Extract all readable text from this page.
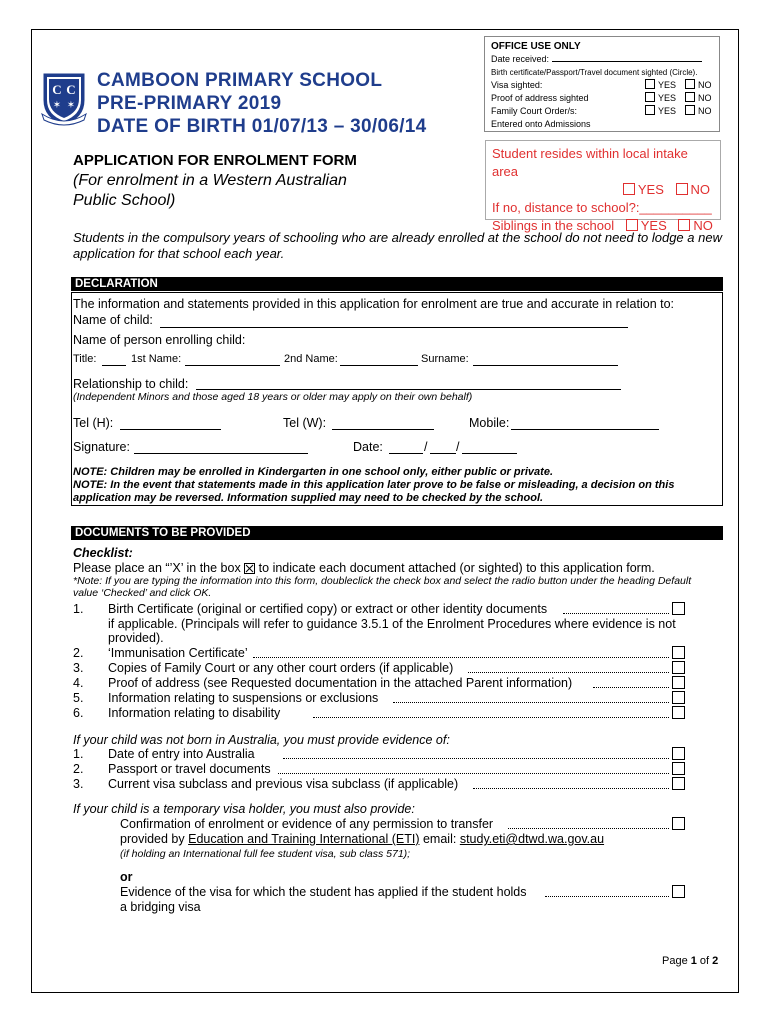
OFFICE USE ONLY
Date received:
Birth certificate/Passport/Travel document sighted (Circle).
Visa sighted:	YES	NO
Proof of address sighted	YES	NO
Family Court Order/s:	YES	NO
Entered onto Admissions
C C
✶ ✶
CAMBOON PRIMARY SCHOOL
PRE-PRIMARY 2019
DATE OF BIRTH 01/07/13 – 30/06/14
APPLICATION FOR ENROLMENT FORM
(For enrolment in a Western Australian
Public School)
Student resides within local intake area
YES NO
If no, distance to school?:__________
Siblings in the school YES NO
Students in the compulsory years of schooling who are already enrolled at the school do not need to lodge a new application for that school each year.
DECLARATION
The information and statements provided in this application for enrolment are true and accurate in relation to:
Name of child:
Name of person enrolling child:
Title:	1st Name:	2nd Name:	Surname:
Relationship to child:
(Independent Minors and those aged 18 years or older may apply on their own behalf)
Tel (H):	Tel (W):	Mobile:
Signature:	Date:	/ /
NOTE: Children may be enrolled in Kindergarten in one school only, either public or private.
NOTE: In the event that statements made in this application later prove to be false or misleading, a decision on this application may be reversed. Information supplied may need to be checked by the school.
DOCUMENTS TO BE PROVIDED
Checklist:
Please place an “’X’ in the box to indicate each document attached (or sighted) to this application form.
*Note: If you are typing the information into this form, doubleclick the check box and select the radio button under the heading Default value ‘Checked’ and click OK.
1. Birth Certificate (original or certified copy) or extract or other identity documents
2. ‘Immunisation Certificate’
3. Copies of Family Court or any other court orders (if applicable)
4. Proof of address (see Requested documentation in the attached Parent information)
5. Information relating to suspensions or exclusions
6. Information relating to disability
If your child was not born in Australia, you must provide evidence of:
1. Date of entry into Australia
2. Passport or travel documents
3. Current visa subclass and previous visa subclass (if applicable)
If your child is a temporary visa holder, you must also provide:
Confirmation of enrolment or evidence of any permission to transfer
provided by Education and Training International (ETI) email: study.eti@dtwd.wa.gov.au
(if holding an International full fee student visa, sub class 571);
or
Evidence of the visa for which the student has applied if the student holds
a bridging visa
Page 1 of 2
if applicable. (Principals will refer to guidance 3.5.1 of the Enrolment Procedures where evidence is not
provided).
